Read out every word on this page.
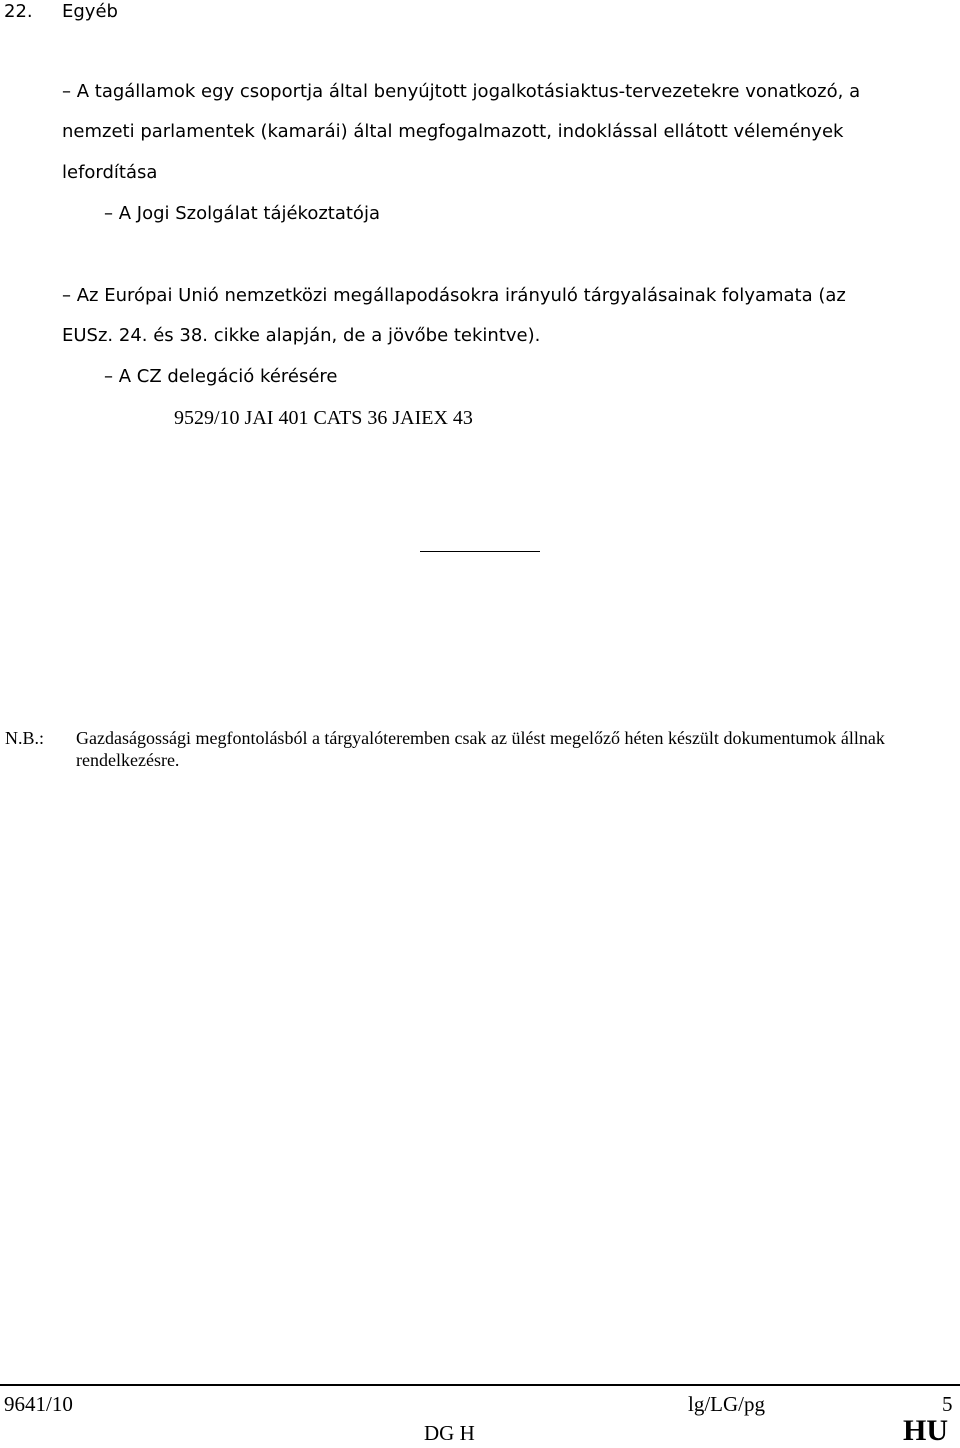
22. Egyéb
– A tagállamok egy csoportja által benyújtott jogalkotásiaktus-tervezetekre vonatkozó, a
nemzeti parlamentek (kamarái) által megfogalmazott, indoklással ellátott vélemények
lefordítása
– A Jogi Szolgálat tájékoztatója
– Az Európai Unió nemzetközi megállapodásokra irányuló tárgyalásainak folyamata (az
EUSz. 24. és 38. cikke alapján, de a jövőbe tekintve).
– A CZ delegáció kérésére
9529/10 JAI 401 CATS 36 JAIEX 43
N.B.: Gazdaságossági megfontolásból a tárgyalóteremben csak az ülést megelőző héten készült dokumentumok állnak rendelkezésre.
9641/10	lg/LG/pg	5
DG H	HU
